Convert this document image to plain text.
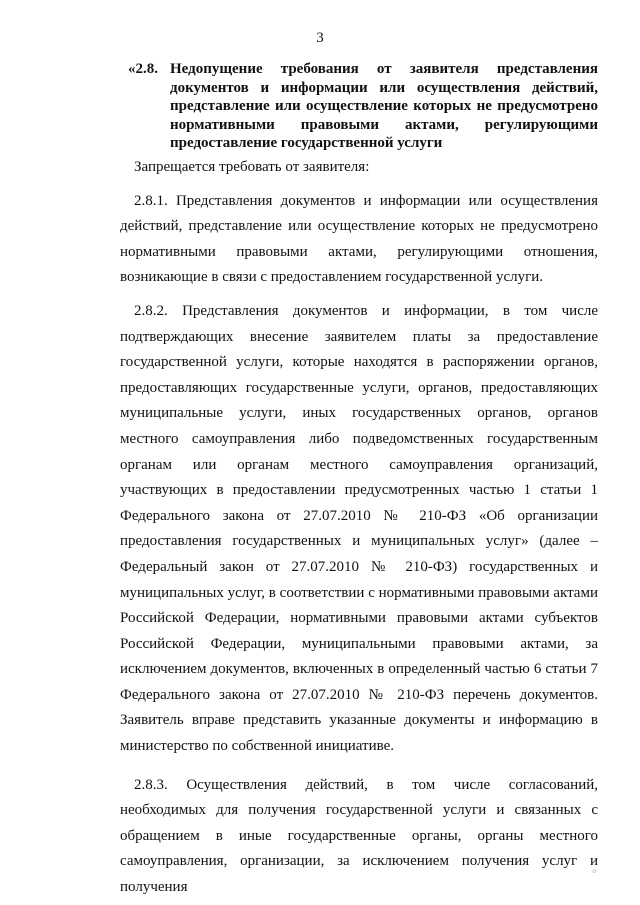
3
«2.8. Недопущение требования от заявителя представления документов и информации или осуществления действий, представление или осуществление которых не предусмотрено нормативными правовыми актами, регулирующими
предоставление государственной услуги

Запрещается требовать от заявителя:

2.8.1. Представления документов и информации или осуществления действий, представление или осуществление которых не предусмотрено нормативными правовыми актами, регулирующими отношения, возникающие в связи с предоставлением государственной услуги.

2.8.2. Представления документов и информации, в том числе подтверждающих внесение заявителем платы за предоставление государственной услуги, которые находятся в распоряжении органов, предоставляющих государственные услуги, органов, предоставляющих муниципальные услуги, иных государственных органов, органов местного самоуправления либо подведомственных государственным органам или органам местного самоуправления организаций, участвующих в предоставлении предусмотренных частью 1 статьи 1 Федерального закона от 27.07.2010 № 210-ФЗ «Об организации предоставления государственных и муниципальных услуг» (далее – Федеральный закон от 27.07.2010 № 210-ФЗ) государственных и муниципальных услуг, в соответствии с нормативными правовыми актами Российской Федерации, нормативными правовыми актами субъектов Российской Федерации, муниципальными правовыми актами, за исключением документов, включенных в определенный частью 6 статьи 7 Федерального закона от 27.07.2010 № 210-ФЗ перечень документов. Заявитель вправе представить указанные документы и информацию в министерство по собственной инициативе.

2.8.3. Осуществления действий, в том числе согласований, необходимых для получения государственной услуги и связанных с обращением в иные государственные органы, органы местного самоуправления, организации, за исключением получения услуг и получения

⁰
